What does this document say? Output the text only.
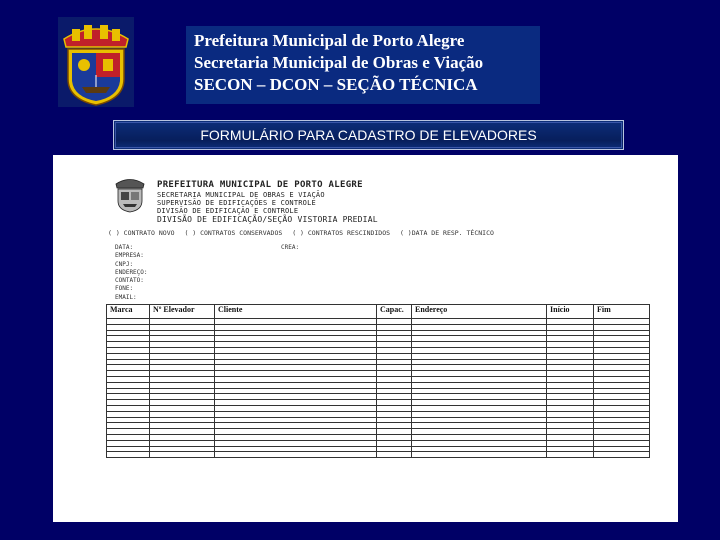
Prefeitura Municipal de Porto Alegre
Secretaria Municipal de Obras e Viação
SECON – DCON – SEÇÃO TÉCNICA
FORMULÁRIO PARA CADASTRO DE ELEVADORES
PREFEITURA MUNICIPAL DE PORTO ALEGRE
SECRETARIA MUNICIPAL DE OBRAS E VIAÇÃO
SUPERVISÃO DE EDIFICAÇÕES E CONTROLE
DIVISÃO DE EDIFICAÇÃO E CONTROLE
DIVISÃO DE EDIFICAÇÃO/SEÇÃO VISTORIA PREDIAL
( ) CONTRATO NOVO ( ) CONTRATOS CONSERVADOS ( ) CONTRATOS RESCINDIDOS ( )DATA DE RESP. TÉCNICO
DATA:
EMPRESA:
CNPJ:
ENDEREÇO:
CONTATO:
FONE:
EMAIL:
CREA:
Marca	Nº Elevador	Cliente	Capac.	Endereço	Início	Fim
